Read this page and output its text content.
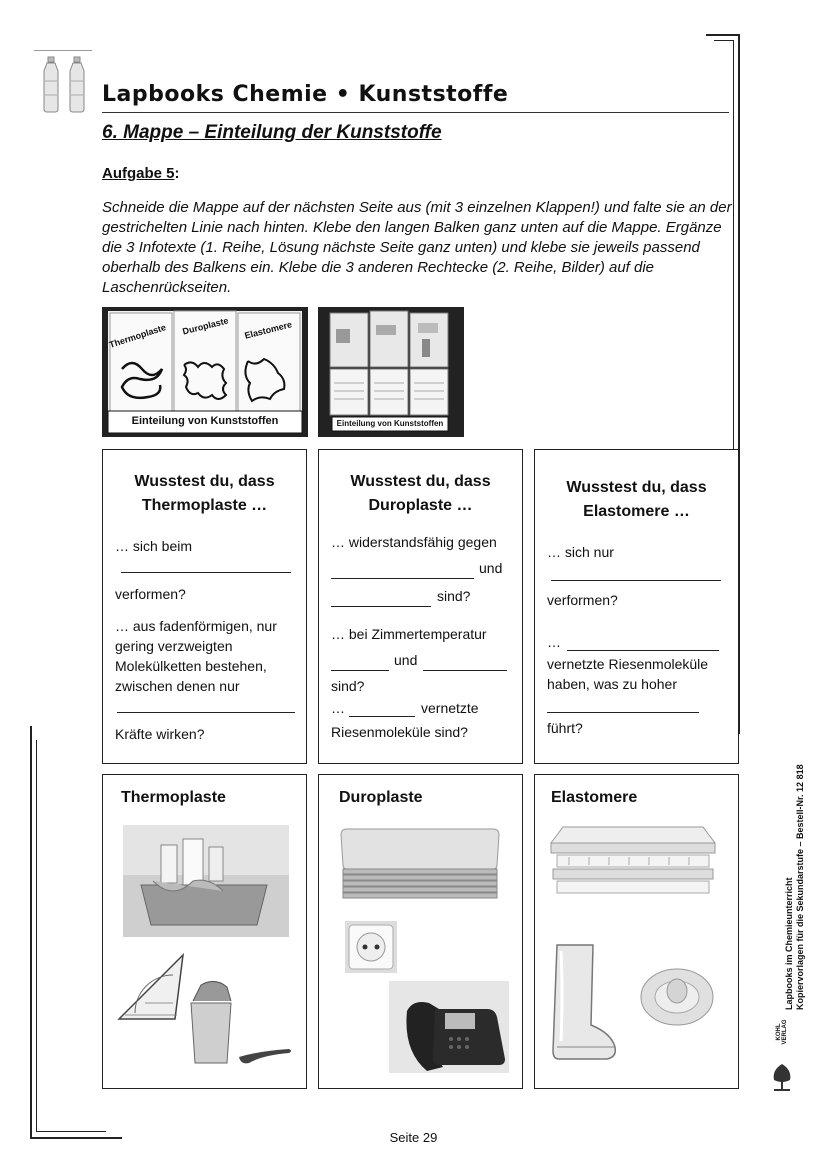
Lapbooks Chemie • Kunststoffe
6. Mappe – Einteilung der Kunststoffe
Aufgabe 5:
Schneide die Mappe auf der nächsten Seite aus (mit 3 einzelnen Klappen!) und falte sie an der gestrichelten Linie nach hinten. Klebe den langen Balken ganz unten auf die Mappe. Ergänze die 3 Infotexte (1. Reihe, Lösung nächste Seite ganz unten) und klebe sie jeweils passend oberhalb des Balkens ein. Klebe die 3 anderen Rechtecke (2. Reihe, Bilder) auf die Laschenrückseiten.
Thermoplaste Duroplaste Elastomere
Einteilung von Kunststoffen	Einteilung von Kunststoffen
Wusstest du, dass
Thermoplaste …
… sich beim
verformen?
… aus fadenförmigen, nur
gering verzweigten
Molekülketten bestehen,
zwischen denen nur
Kräfte wirken?
Wusstest du, dass
Duroplaste …
… widerstandsfähig gegen
und
sind?
… bei Zimmertemperatur
und
sind?
…	vernetzte
Riesenmoleküle sind?
Wusstest du, dass
Elastomere …
… sich nur
verformen?
…
vernetzte Riesenmoleküle
haben, was zu hoher
führt?
Thermoplaste	Duroplaste	Elastomere
Lapbooks im Chemieunterricht Kopiervorlagen für die Sekundarstufe – Bestell-Nr. 12 818
KOHL VERLAG
Seite 29
